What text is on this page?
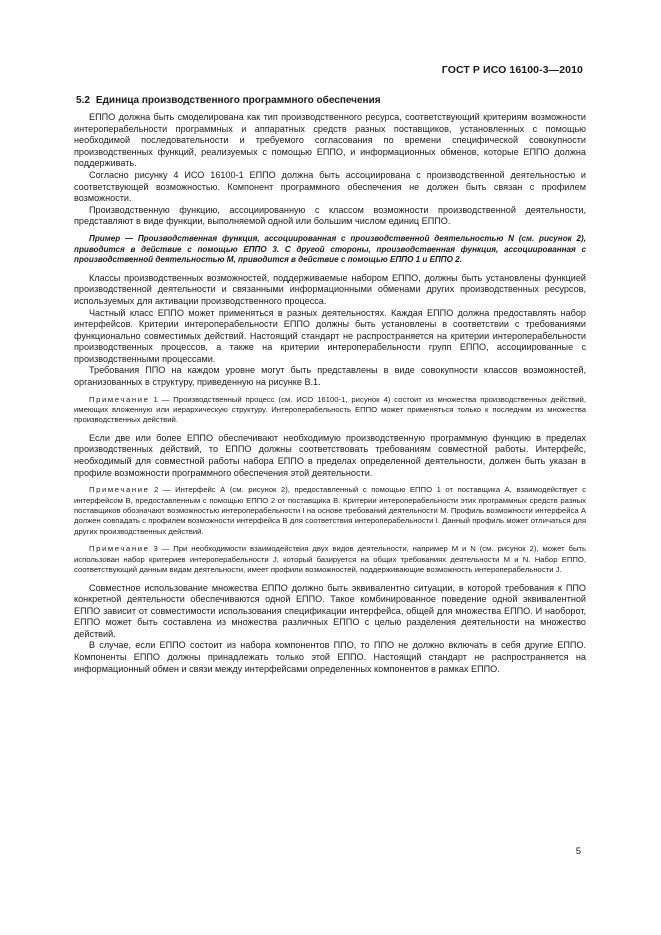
ГОСТ Р ИСО 16100-3—2010
5.2 Единица производственного программного обеспечения

ЕППО должна быть смоделирована как тип производственного ресурса, соответствующий критериям возможности интероперабельности программных и аппаратных средств разных поставщиков, установленных с помощью необходимой последовательности и требуемого согласования по времени специфической совокупности производственных функций, реализуемых с помощью ЕППО, и информационных обменов, которые ЕППО должна поддерживать.

Согласно рисунку 4 ИСО 16100-1 ЕППО должна быть ассоциирована с производственной деятельностью и соответствующей возможностью. Компонент программного обеспечения не должен быть связан с профилем возможности.

Производственную функцию, ассоциированную с классом возможности производственной деятельности, представляют в виде функции, выполняемой одной или большим числом единиц ЕППО.

Пример — Производственная функция, ассоциированная с производственной деятельностью N (см. рисунок 2), приводится в действие с помощью ЕППО 3. С другой стороны, производственная функция, ассоциированная с производственной деятельностью М, приводится в действие с помощью ЕППО 1 и ЕППО 2.

Классы производственных возможностей, поддерживаемые набором ЕППО, должны быть установлены функцией производственной деятельности и связанными информационными обменами других производственных ресурсов, используемых для активации производственного процесса.

Частный класс ЕППО может применяться в разных деятельностях. Каждая ЕППО должна предоставлять набор интерфейсов. Критерии интероперабельности ЕППО должны быть установлены в соответствии с требованиями функционально совместимых действий. Настоящий стандарт не распространяется на критерии интероперабельности производственных процессов, а также на критерии интероперабельности групп ЕППО, ассоциированные с производственными процессами.

Требования ППО на каждом уровне могут быть представлены в виде совокупности классов возможностей, организованных в структуру, приведенную на рисунке В.1.

Примечание 1 — Производственный процесс (см. ИСО 16100-1, рисунок 4) состоит из множества производственных действий, имеющих вложенную или иерархическую структуру. Интероперабельность ЕППО может применяться только к последним из множества производственных действий.

Если две или более ЕППО обеспечивают необходимую производственную программную функцию в пределах производственных действий, то ЕППО должны соответствовать требованиям совместной работы. Интерфейс, необходимый для совместной работы набора ЕППО в пределах определенной деятельности, должен быть указан в профиле возможности программного обеспечения этой деятельности.

Примечание 2 — Интерфейс А (см. рисунок 2), предоставленный с помощью ЕППО 1 от поставщика А, взаимодействует с интерфейсом В, предоставленным с помощью ЕППО 2 от поставщика В. Критерии интероперабельности этих программных средств разных поставщиков обозначают возможностью интероперабельности I на основе требований деятельности М. Профиль возможности интерфейса А должен совпадать с профилем возможности интерфейса В для соответствия интероперабельности I. Данный профиль может отличаться для других производственных действий.

Примечание 3 — При необходимости взаимодействия двух видов деятельности, например М и N (см. рисунок 2), может быть использован набор критериев интероперабельности J, который базируется на общих требованиях деятельности М и N. Набор ЕППО, соответствующий данным видам деятельности, имеет профили возможностей, поддерживающие возможность интероперабельности J.

Совместное использование множества ЕППО должно быть эквивалентно ситуации, в которой требования к ППО конкретной деятельности обеспечиваются одной ЕППО. Такое комбинированное поведение одной эквивалентной ЕППО зависит от совместимости использования спецификации интерфейса, общей для множества ЕППО. И наоборот, ЕППО может быть составлена из множества различных ЕППО с целью разделения деятельности на множество действий.

В случае, если ЕППО состоит из набора компонентов ППО, то ППО не должно включать в себя другие ЕППО. Компоненты ЕППО должны принадлежать только этой ЕППО. Настоящий стандарт не распространяется на информационный обмен и связи между интерфейсами определенных компонентов в рамках ЕППО.

5
